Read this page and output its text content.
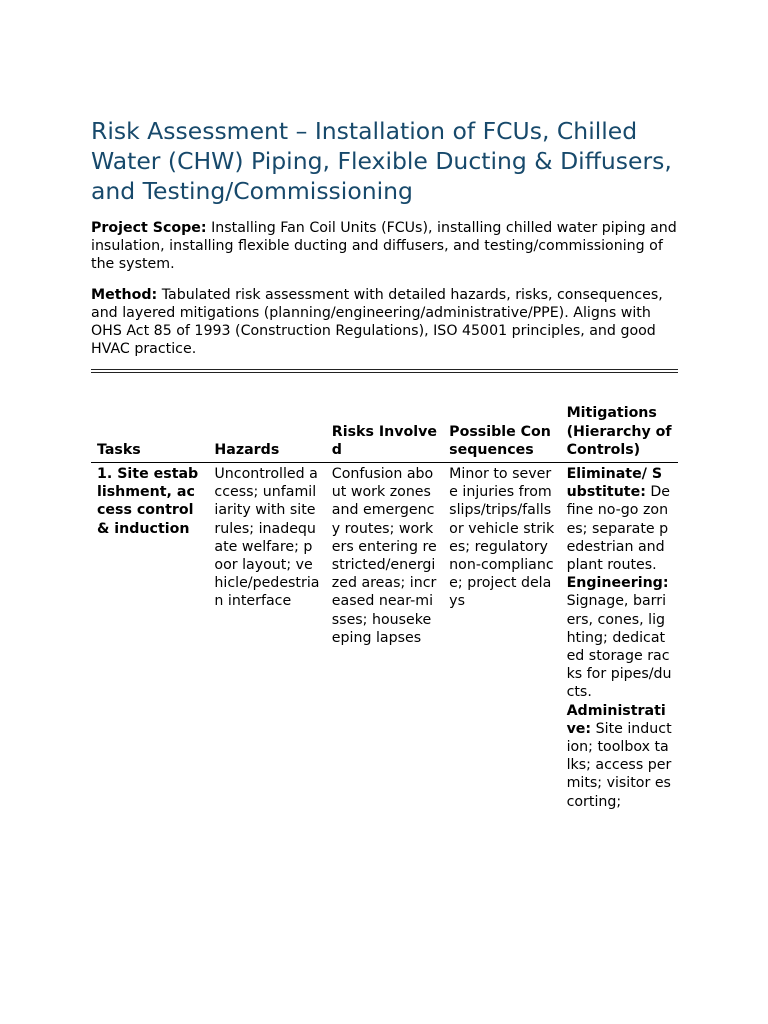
Risk Assessment – Installation of FCUs, Chilled Water (CHW) Piping, Flexible Ducting & Diffusers, and Testing/Commissioning

Project Scope: Installing Fan Coil Units (FCUs), installing chilled water piping and insulation, installing flexible ducting and diffusers, and testing/commissioning of the system.

Method: Tabulated risk assessment with detailed hazards, risks, consequences, and layered mitigations (planning/engineering/administrative/PPE). Aligns with OHS Act 85 of 1993 (Construction Regulations), ISO 45001 principles, and good HVAC practice.

Tasks	Hazards	Risks Involved	Possible Consequences	Mitigations (Hierarchy of Controls)
1. Site establishment, access control & induction	Uncontrolled access; unfamiliarity with site rules; inadequate welfare; poor layout; vehicle/pedestrian interface	Confusion about work zones and emergency routes; workers entering restricted/energized areas; increased near-misses; housekeeping lapses	Minor to severe injuries from slips/trips/falls or vehicle strikes; regulatory non-compliance; project delays	Eliminate/ Substitute: Define no-go zones; separate pedestrian and plant routes.
Engineering: Signage, barriers, cones, lighting; dedicated storage racks for pipes/ducts.
Administrative: Site induction; toolbox talks; access permits; visitor escorting;
